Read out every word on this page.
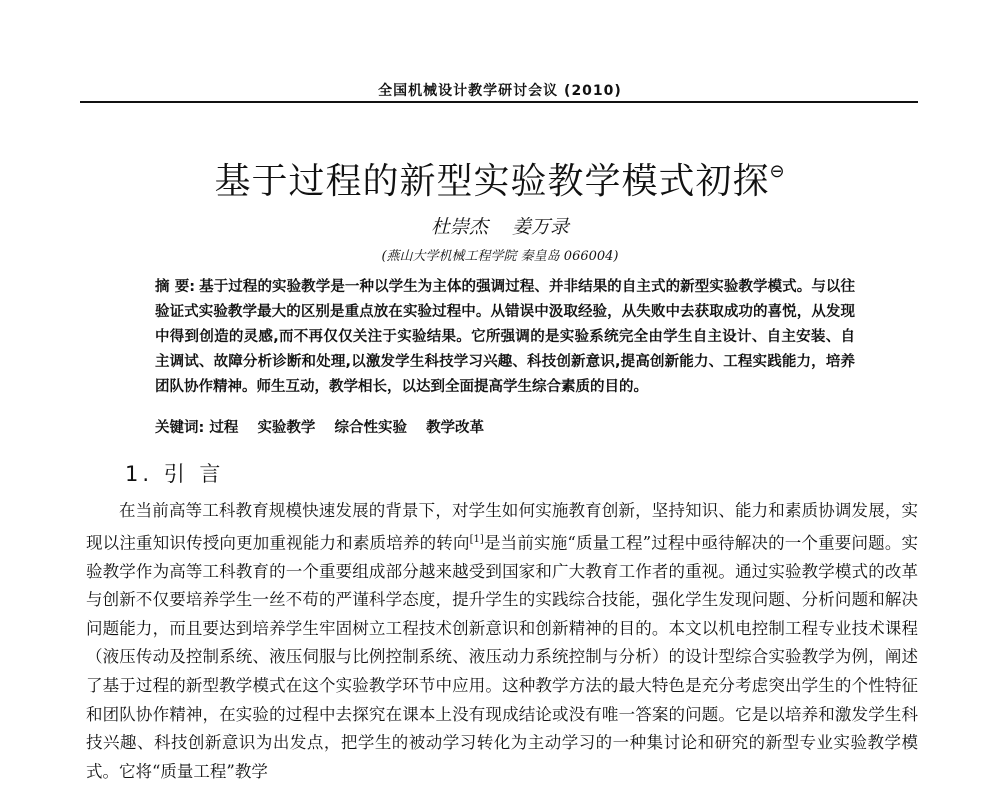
全国机械设计教学研讨会议 (2010)
基于过程的新型实验教学模式初探⊖
杜崇杰 姜万录
(燕山大学机械工程学院 秦皇岛 066004)

摘 要: 基于过程的实验教学是一种以学生为主体的强调过程、并非结果的自主式的新型实验教学模式。与以往验证式实验教学最大的区别是重点放在实验过程中。从错误中汲取经验，从失败中去获取成功的喜悦，从发现中得到创造的灵感,而不再仅仅关注于实验结果。它所强调的是实验系统完全由学生自主设计、自主安装、自主调试、故障分析诊断和处理,以激发学生科技学习兴趣、科技创新意识,提高创新能力、工程实践能力，培养团队协作精神。师生互动，教学相长，以达到全面提高学生综合素质的目的。

关键词: 过程 实验教学 综合性实验 教学改革
1. 引 言

在当前高等工科教育规模快速发展的背景下，对学生如何实施教育创新，坚持知识、能力和素质协调发展，实现以注重知识传授向更加重视能力和素质培养的转向[1]是当前实施“质量工程”过程中亟待解决的一个重要问题。实验教学作为高等工科教育的一个重要组成部分越来越受到国家和广大教育工作者的重视。通过实验教学模式的改革与创新不仅要培养学生一丝不苟的严谨科学态度，提升学生的实践综合技能，强化学生发现问题、分析问题和解决问题能力，而且要达到培养学生牢固树立工程技术创新意识和创新精神的目的。本文以机电控制工程专业技术课程（液压传动及控制系统、液压伺服与比例控制系统、液压动力系统控制与分析）的设计型综合实验教学为例，阐述了基于过程的新型教学模式在这个实验教学环节中应用。这种教学方法的最大特色是充分考虑突出学生的个性特征和团队协作精神，在实验的过程中去探究在课本上没有现成结论或没有唯一答案的问题。它是以培养和激发学生科技兴趣、科技创新意识为出发点，把学生的被动学习转化为主动学习的一种集讨论和研究的新型专业实验教学模式。它将“质量工程”教学
